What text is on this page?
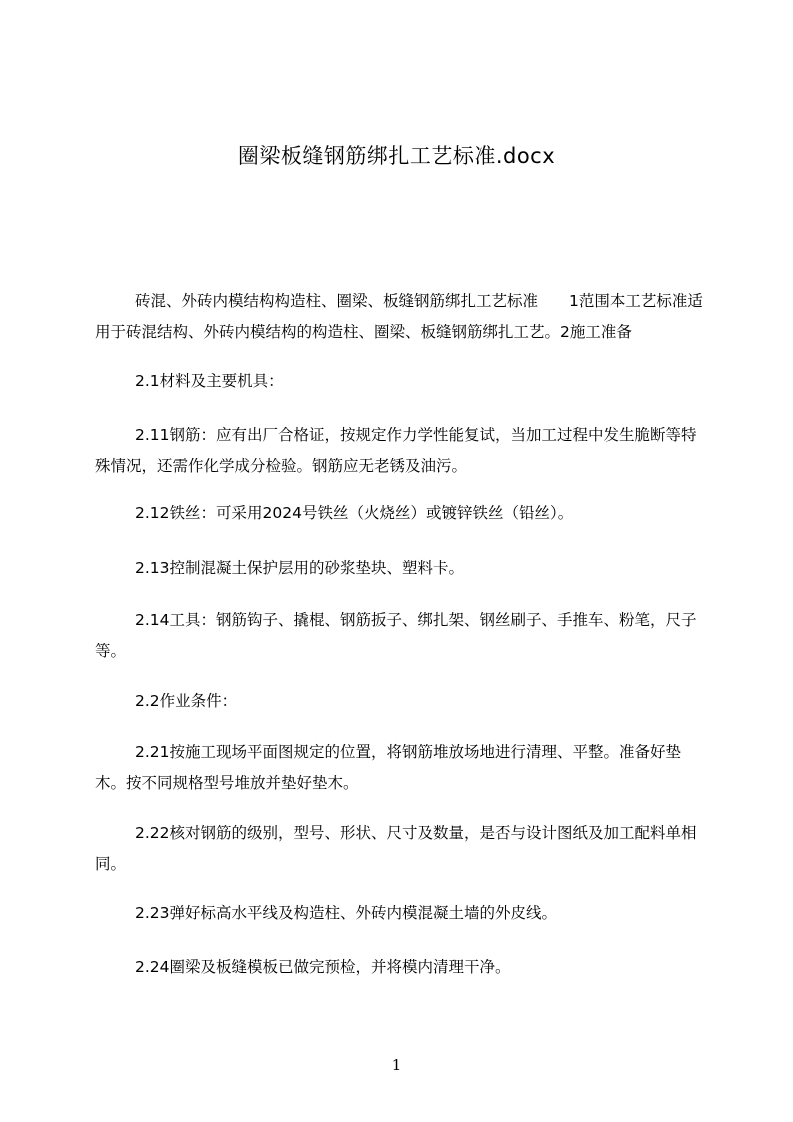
圈梁板缝钢筋绑扎工艺标准.docx

砖混、外砖内模结构构造柱、圈梁、板缝钢筋绑扎工艺标准　　1范围本工艺标准适用于砖混结构、外砖内模结构的构造柱、圈梁、板缝钢筋绑扎工艺。2施工准备

2.1材料及主要机具：

2.11钢筋：应有出厂合格证，按规定作力学性能复试，当加工过程中发生脆断等特殊情况，还需作化学成分检验。钢筋应无老锈及油污。

2.12铁丝：可采用2024号铁丝（火烧丝）或镀锌铁丝（铅丝）。

2.13控制混凝土保护层用的砂浆垫块、塑料卡。

2.14工具：钢筋钩子、撬棍、钢筋扳子、绑扎架、钢丝刷子、手推车、粉笔，尺子等。

2.2作业条件：

2.21按施工现场平面图规定的位置，将钢筋堆放场地进行清理、平整。准备好垫木。按不同规格型号堆放并垫好垫木。

2.22核对钢筋的级别，型号、形状、尺寸及数量，是否与设计图纸及加工配料单相同。

2.23弹好标高水平线及构造柱、外砖内模混凝土墙的外皮线。

2.24圈梁及板缝模板已做完预检，并将模内清理干净。

1
